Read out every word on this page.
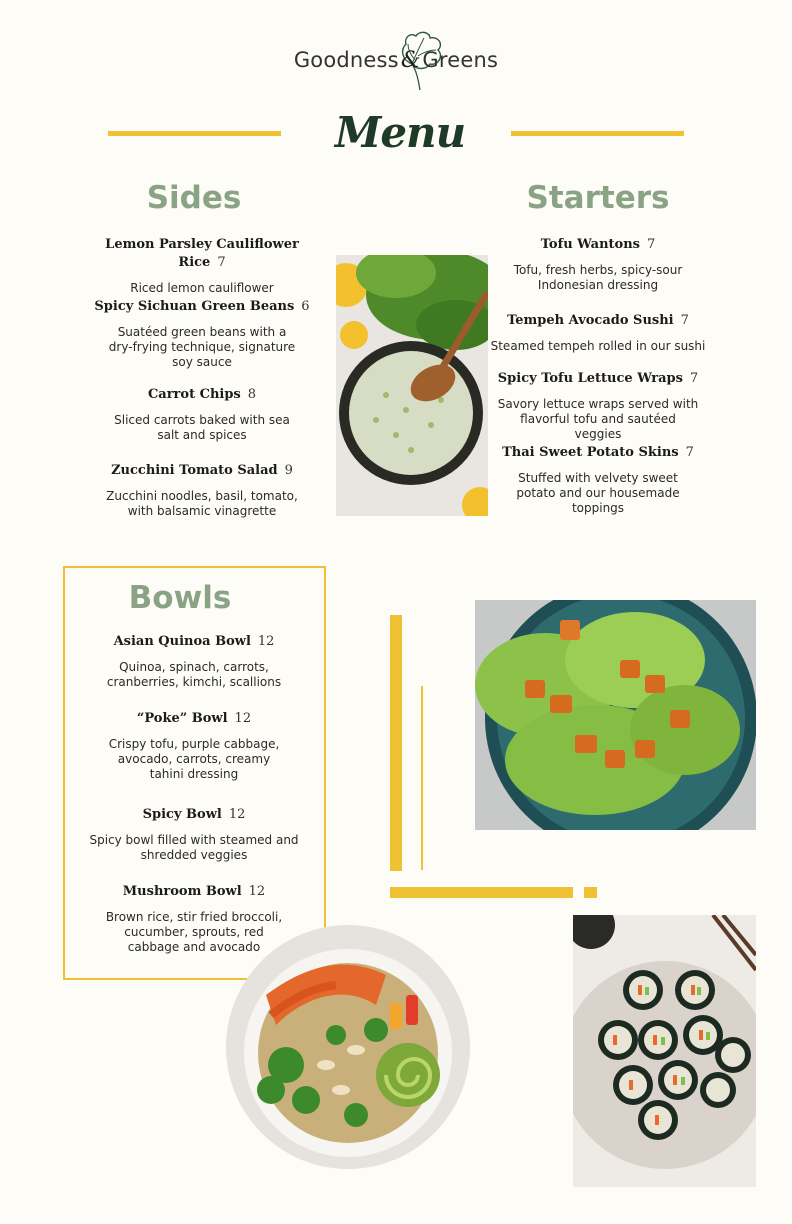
Goodness&Greens
Menu
Sides
Lemon Parsley Cauliflower Rice 7
Riced lemon cauliflower
Spicy Sichuan Green Beans 6
Suatéed green beans with a dry-frying technique, signature soy sauce
Carrot Chips 8
Sliced carrots baked with sea salt and spices
Zucchini Tomato Salad 9
Zucchini noodles, basil, tomato, with balsamic vinagrette
Starters
Tofu Wantons 7
Tofu, fresh herbs, spicy-sour Indonesian dressing
Tempeh Avocado Sushi 7
Steamed tempeh rolled in our sushi
Spicy Tofu Lettuce Wraps 7
Savory lettuce wraps served with flavorful tofu and sautéed veggies
Thai Sweet Potato Skins 7
Stuffed with velvety sweet potato and our housemade toppings
Bowls
Asian Quinoa Bowl 12
Quinoa, spinach, carrots, cranberries, kimchi, scallions
“Poke” Bowl 12
Crispy tofu, purple cabbage, avocado, carrots, creamy tahini dressing
Spicy Bowl 12
Spicy bowl filled with steamed and shredded veggies
Mushroom Bowl 12
Brown rice, stir fried broccoli, cucumber, sprouts, red cabbage and avocado
